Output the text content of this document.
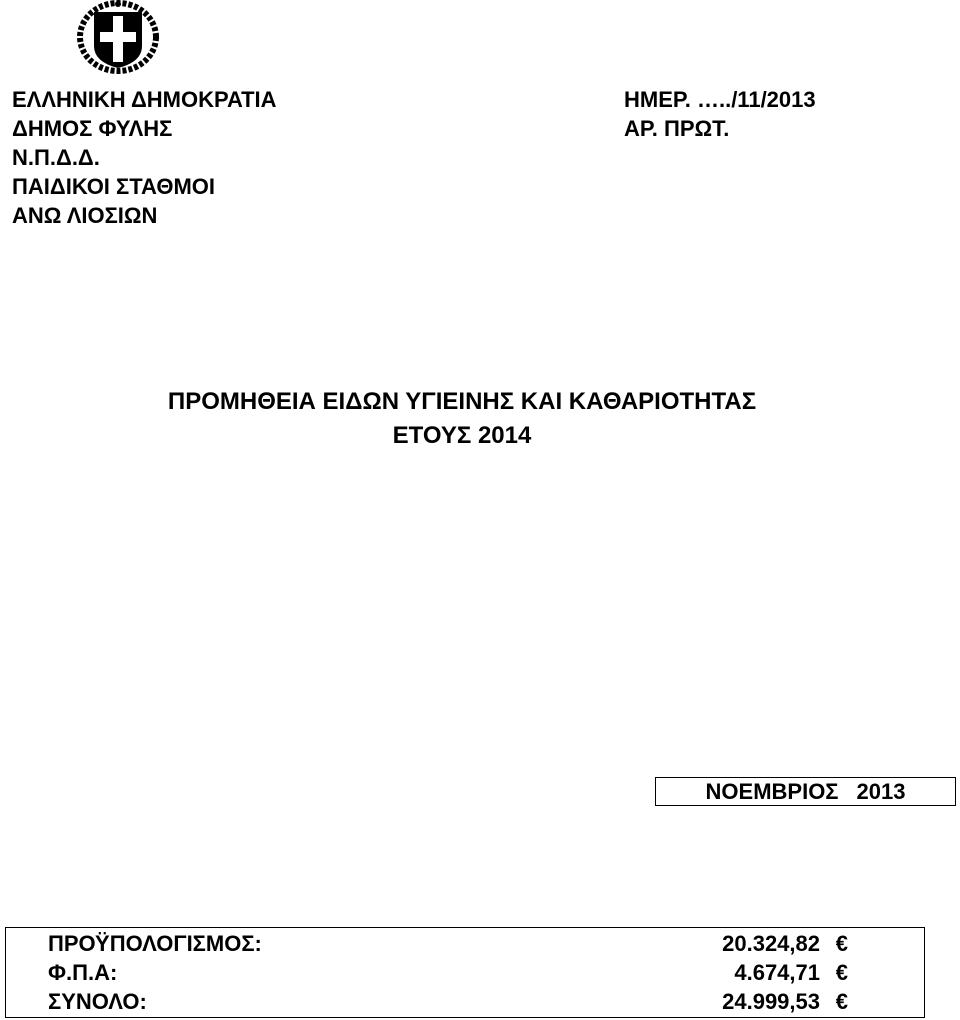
ΕΛΛΗΝΙΚΗ ΔΗΜΟΚΡΑΤΙΑ
ΔΗΜΟΣ ΦΥΛΗΣ
Ν.Π.Δ.Δ.
ΠΑΙΔΙΚΟΙ ΣΤΑΘΜΟΙ
ΑΝΩ ΛΙΟΣΙΩΝ
ΗΜΕΡ. …../11/2013
ΑΡ. ΠΡΩΤ.
ΠΡΟΜΗΘΕΙΑ ΕΙΔΩΝ ΥΓΙΕΙΝΗΣ ΚΑΙ ΚΑΘΑΡΙΟΤΗΤΑΣ
ΕΤΟΥΣ 2014
ΝΟΕΜΒΡΙΟΣ 2013
ΠΡΟΫΠΟΛΟΓΙΣΜΟΣ:	20.324,82 €
Φ.Π.Α:	4.674,71 €
ΣΥΝΟΛΟ:	24.999,53 €
